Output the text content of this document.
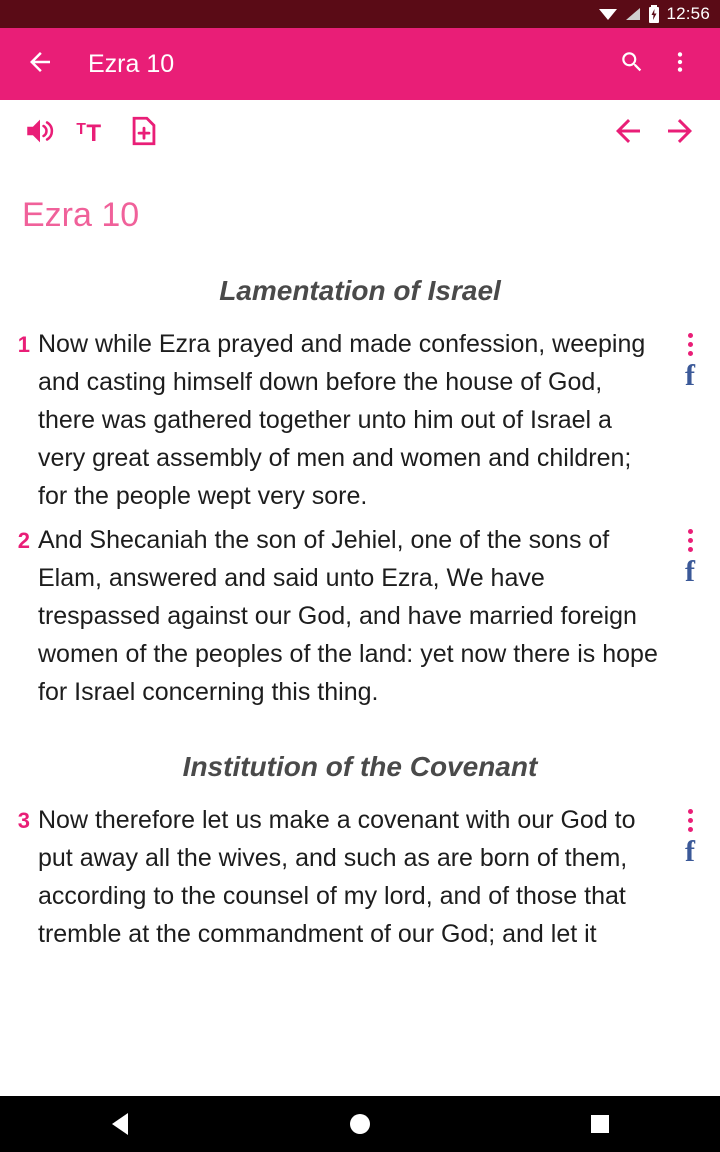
12:56
Ezra 10
T T
Ezra 10
Lamentation of Israel
1 Now while Ezra prayed and made confession, weeping and casting himself down before the house of God, there was gathered together unto him out of Israel a very great assembly of men and women and children; for the people wept very sore.
f
2 And Shecaniah the son of Jehiel, one of the sons of Elam, answered and said unto Ezra, We have trespassed against our God, and have married foreign women of the peoples of the land: yet now there is hope for Israel concerning this thing.
f
Institution of the Covenant
3 Now therefore let us make a covenant with our God to put away all the wives, and such as are born of them, according to the counsel of my lord, and of those that tremble at the commandment of our God; and let it
f
